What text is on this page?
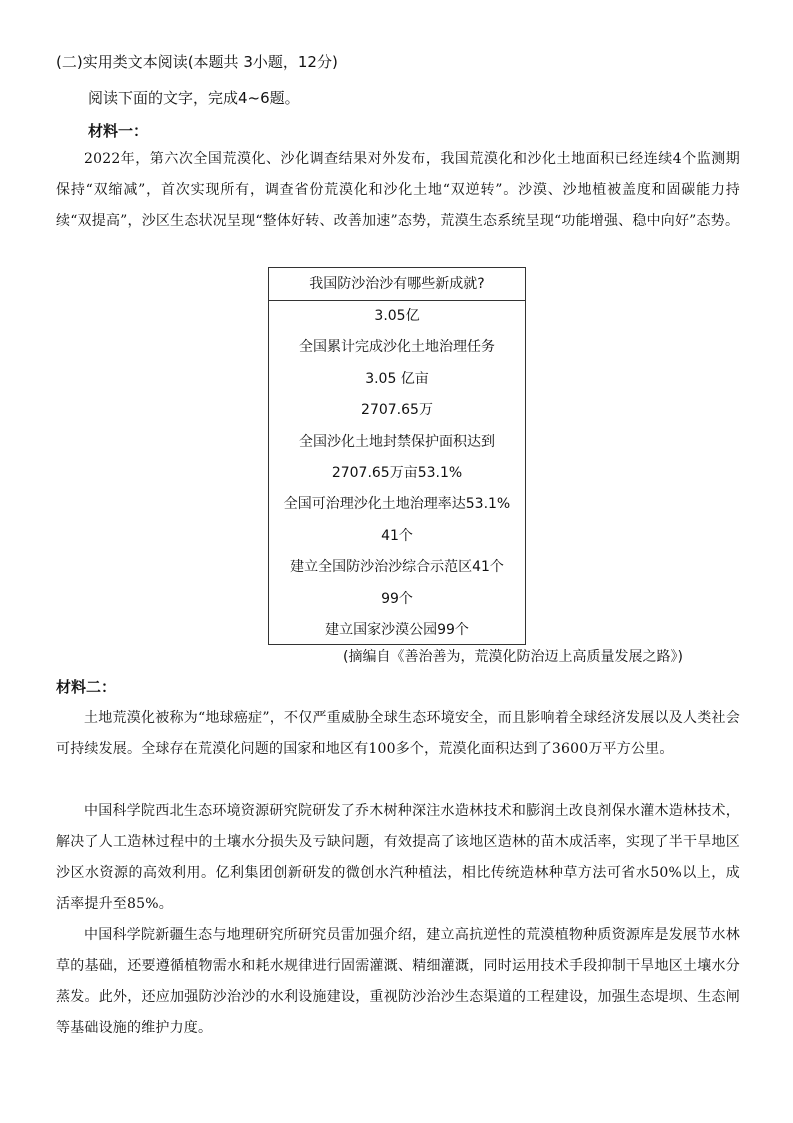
(二)实用类文本阅读(本题共 3小题，12分)
阅读下面的文字，完成4~6题。
材料一：
2022年，第六次全国荒漠化、沙化调查结果对外发布，我国荒漠化和沙化土地面积已经连续4个监测期保持“双缩减”，首次实现所有，调查省份荒漠化和沙化土地“双逆转”。沙漠、沙地植被盖度和固碳能力持续“双提高”，沙区生态状况呈现“整体好转、改善加速”态势，荒漠生态系统呈现“功能增强、稳中向好”态势。
我国防沙治沙有哪些新成就?
3.05亿
全国累计完成沙化土地治理任务
3.05 亿亩
2707.65万
全国沙化土地封禁保护面积达到
2707.65万亩53.1%
全国可治理沙化土地治理率达53.1%
41个
建立全国防沙治沙综合示范区41个
99个
建立国家沙漠公园99个
(摘编自《善治善为，荒漠化防治迈上高质量发展之路》)
材料二：
土地荒漠化被称为“地球癌症”，不仅严重威胁全球生态环境安全，而且影响着全球经济发展以及人类社会可持续发展。全球存在荒漠化问题的国家和地区有100多个，荒漠化面积达到了3600万平方公里。
中国科学院西北生态环境资源研究院研发了乔木树种深注水造林技术和膨润土改良剂保水灌木造林技术，解决了人工造林过程中的土壤水分损失及亏缺问题，有效提高了该地区造林的苗木成活率，实现了半干旱地区沙区水资源的高效利用。亿利集团创新研发的微创水汽种植法，相比传统造林种草方法可省水50%以上，成活率提升至85%。
中国科学院新疆生态与地理研究所研究员雷加强介绍，建立高抗逆性的荒漠植物种质资源库是发展节水林草的基础，还要遵循植物需水和耗水规律进行固需灌溉、精细灌溉，同时运用技术手段抑制干旱地区土壤水分蒸发。此外，还应加强防沙治沙的水利设施建设，重视防沙治沙生态渠道的工程建设，加强生态堤坝、生态闸等基础设施的维护力度。
